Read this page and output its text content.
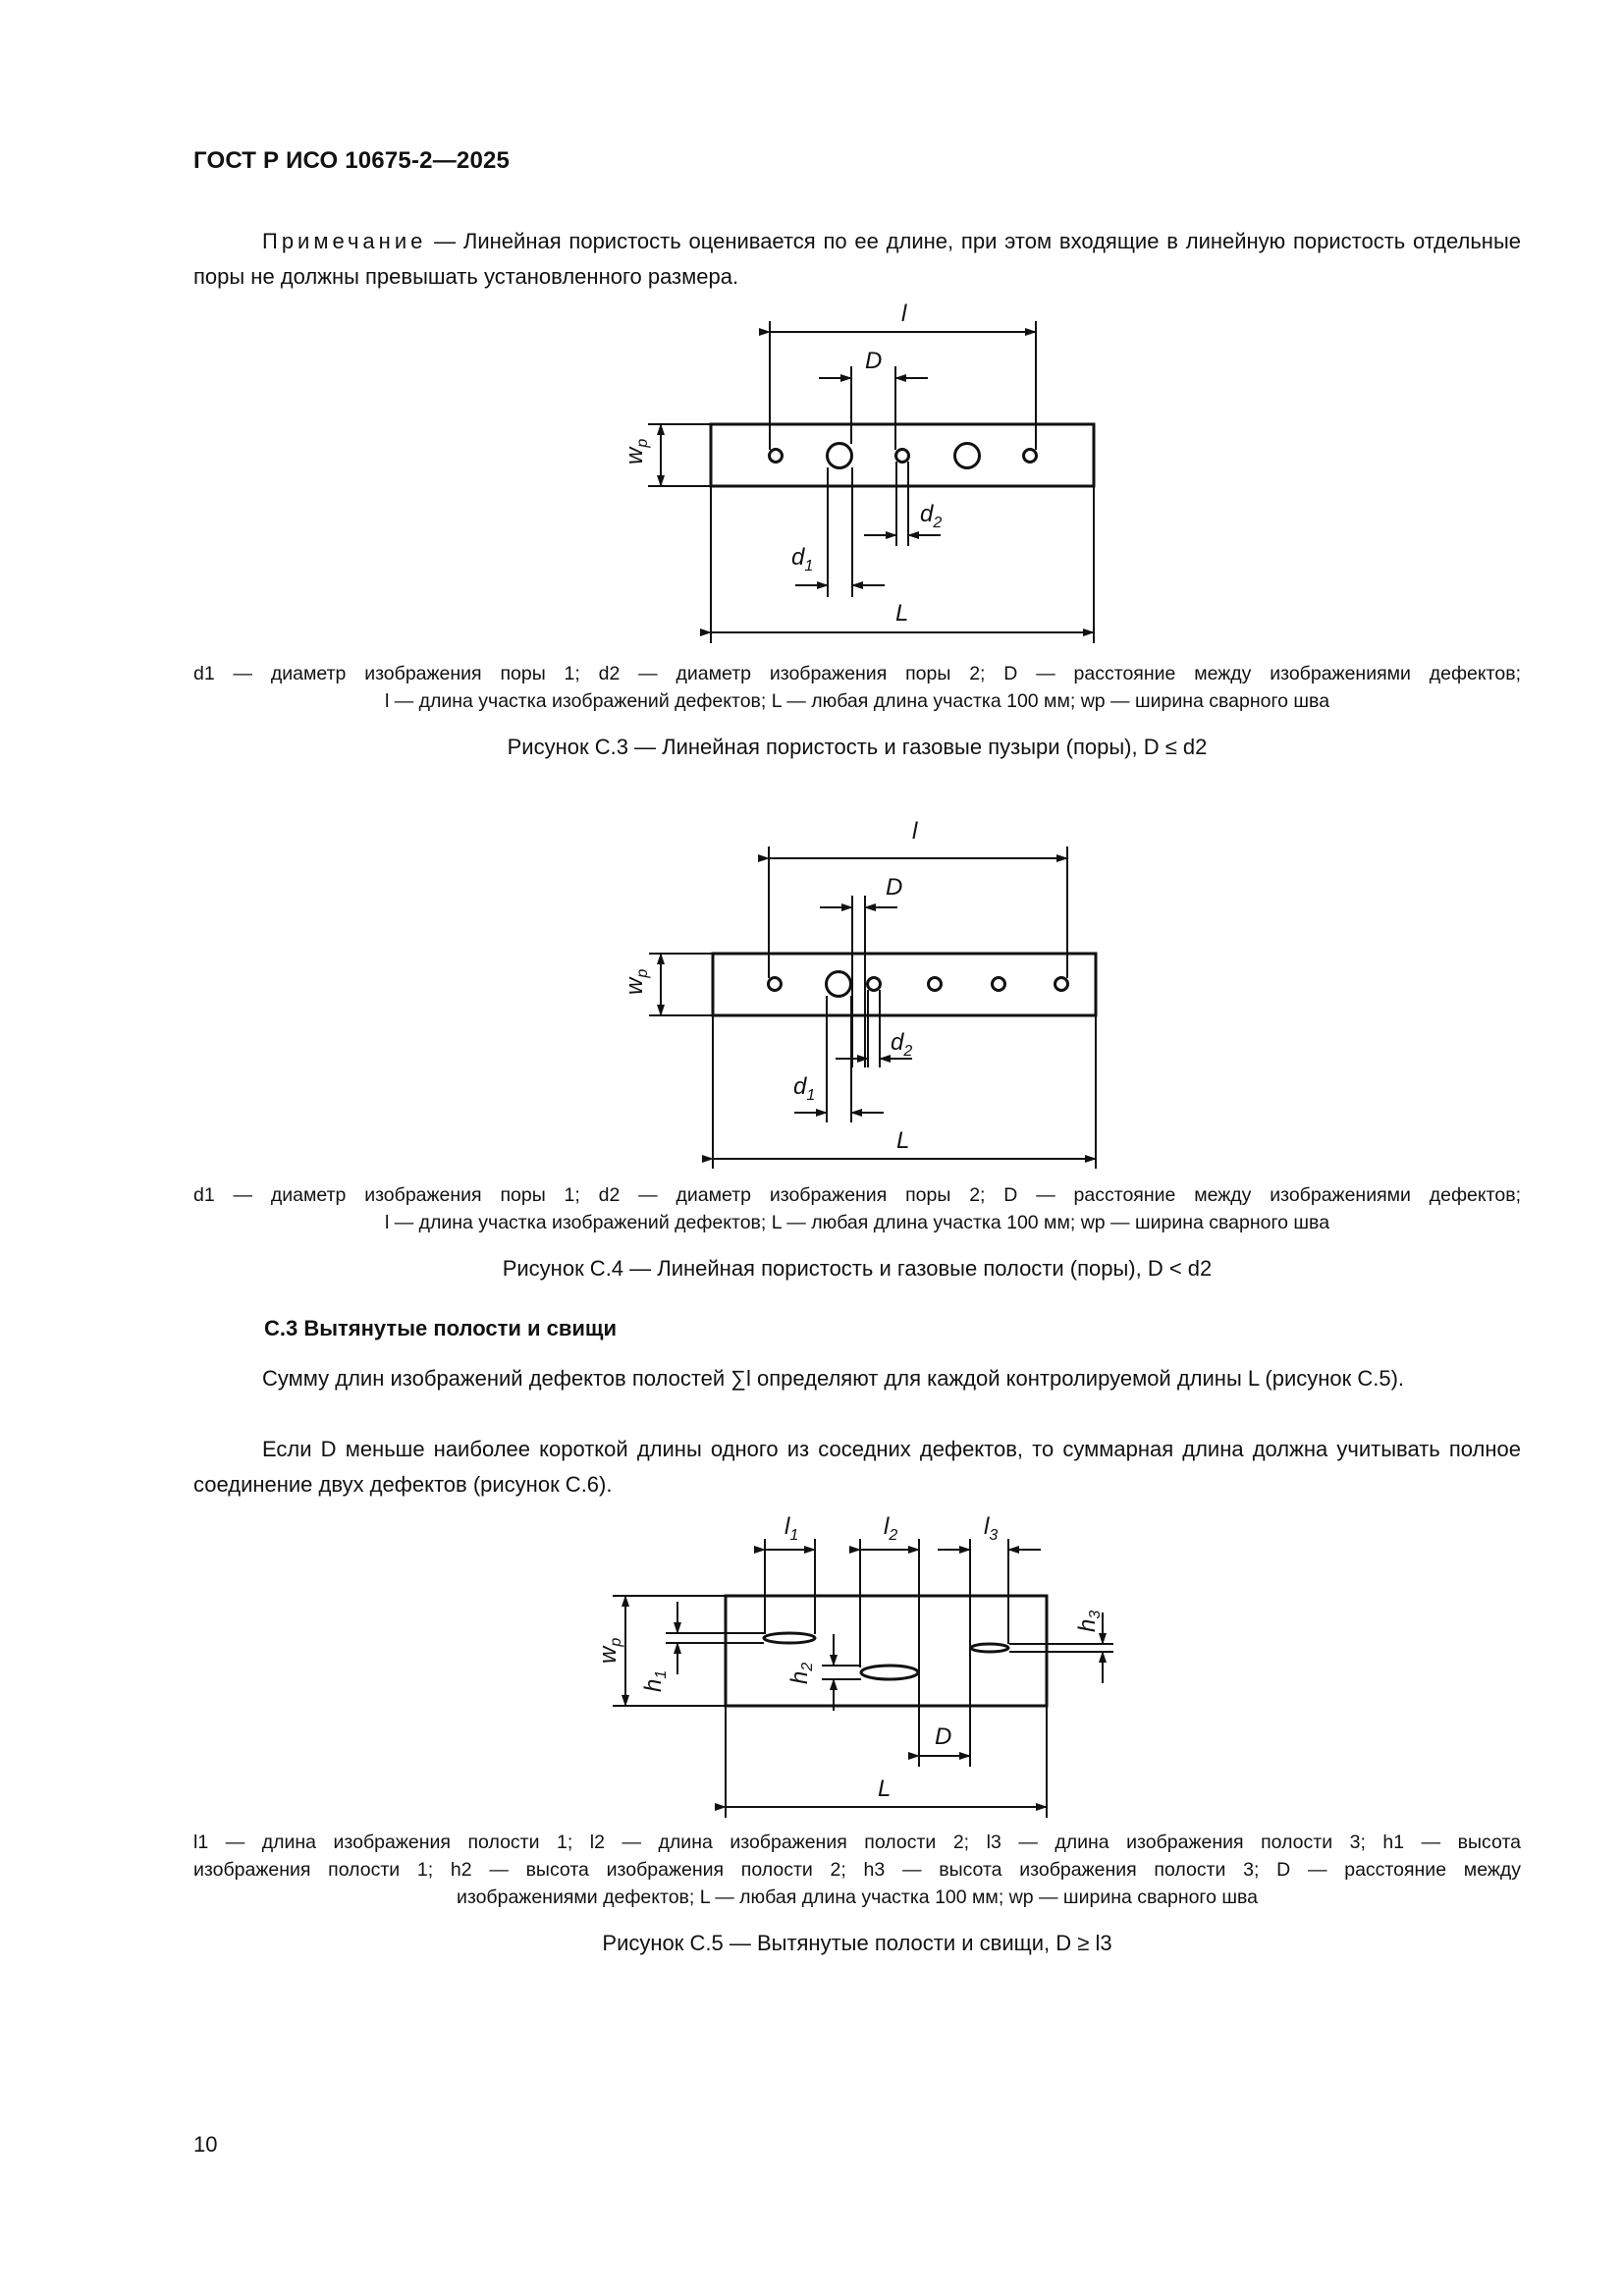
ГОСТ Р ИСО 10675-2—2025
Примечание — Линейная пористость оценивается по ее длине, при этом входящие в линейную пористость отдельные поры не должны превышать установленного размера.
l
D
$w_p$
$d_2$
$d_1$
L
d1 — диаметр изображения поры 1; d2 — диаметр изображения поры 2; D — расстояние между изображениями дефектов;
l — длина участка изображений дефектов; L — любая длина участка 100 мм; wp — ширина сварного шва
Рисунок С.3 — Линейная пористость и газовые пузыри (поры), D ≤ d2
l
D
$w_p$
$d_2$
$d_1$
L
d1 — диаметр изображения поры 1; d2 — диаметр изображения поры 2; D — расстояние между изображениями дефектов;
l — длина участка изображений дефектов; L — любая длина участка 100 мм; wp — ширина сварного шва
Рисунок С.4 — Линейная пористость и газовые полости (поры), D < d2
С.3 Вытянутые полости и свищи
Сумму длин изображений дефектов полостей ∑l определяют для каждой контролируемой длины L (рисунок С.5).
Если D меньше наиболее короткой длины одного из соседних дефектов, то суммарная длина должна учитывать полное соединение двух дефектов (рисунок С.6).
$l_1$	$l_2$	$l_3$
$w_p$
$h_1$	$h_2$
$h_3$
D
L
l1 — длина изображения полости 1; l2 — длина изображения полости 2; l3 — длина изображения полости 3; h1 — высота
изображения полости 1; h2 — высота изображения полости 2; h3 — высота изображения полости 3; D — расстояние между
изображениями дефектов; L — любая длина участка 100 мм; wp — ширина сварного шва
Рисунок С.5 — Вытянутые полости и свищи, D ≥ l3
10
